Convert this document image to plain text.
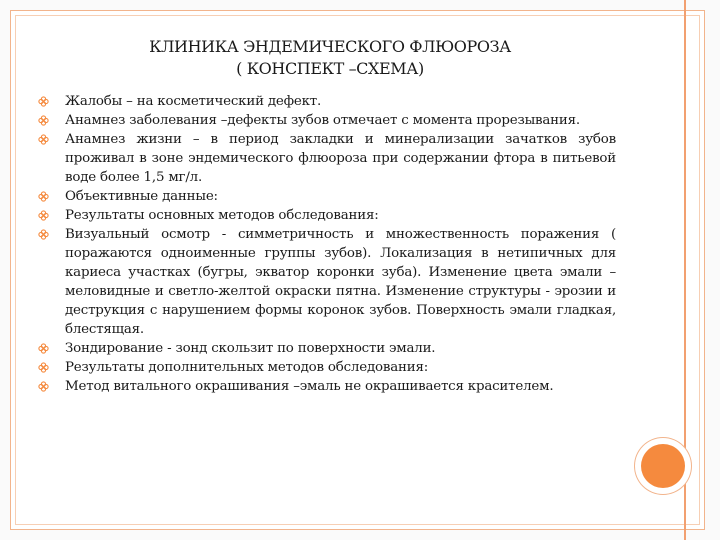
КЛИНИКА ЭНДЕМИЧЕСКОГО ФЛЮОРОЗА
( КОНСПЕКТ –СХЕМА)
Жалобы – на косметический дефект.
Анамнез заболевания –дефекты зубов отмечает с момента прорезывания.
Анамнез жизни – в период закладки и минерализации зачатков зубов проживал в зоне эндемического флюороза при содержании фтора в питьевой воде более 1,5 мг/л.
Объективные данные:
Результаты основных методов обследования:
Визуальный осмотр - симметричность и множественность поражения ( поражаются одноименные группы зубов). Локализация в нетипичных для кариеса участках (бугры, экватор коронки зуба). Изменение цвета эмали – меловидные и светло-желтой окраски пятна. Изменение структуры - эрозии и деструкция с нарушением формы коронок зубов. Поверхность эмали гладкая, блестящая.
Зондирование - зонд скользит по поверхности эмали.
Результаты дополнительных методов обследования:
Метод витального окрашивания –эмаль не окрашивается красителем.
